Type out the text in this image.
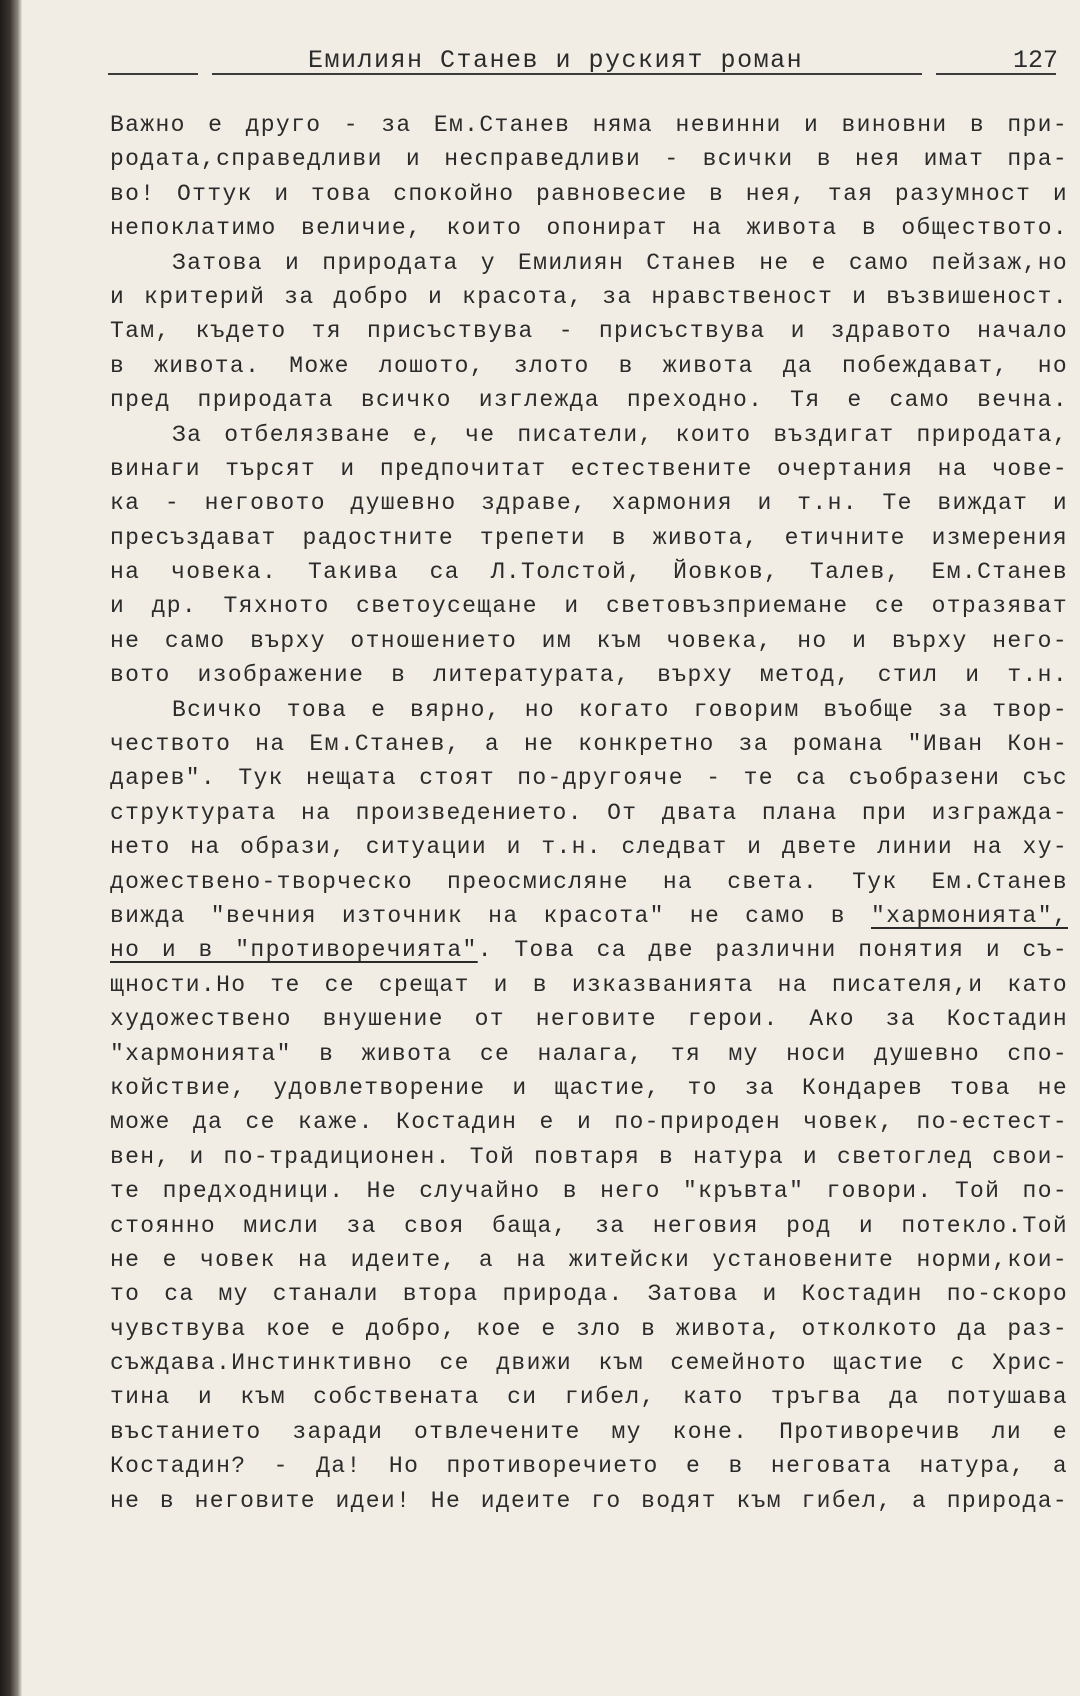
Емилиян Станев и руският роман	127
Важно е друго - за Ем.Станев няма невинни и виновни в при-
родата,справедливи и несправедливи - всички в нея имат пра-
во! Оттук и това спокойно равновесие в нея, тая разумност и
непоклатимо величие, които опонират на живота в обществото.
Затова и природата у Емилиян Станев не е само пейзаж,но
и критерий за добро и красота, за нравственост и възвишеност.
Там, където тя присъствува - присъствува и здравото начало
в живота. Може лошото, злото в живота да побеждават, но
пред природата всичко изглежда преходно. Тя е само вечна.
За отбелязване е, че писатели, които въздигат природата,
винаги търсят и предпочитат естествените очертания на чове-
ка - неговото душевно здраве, хармония и т.н. Те виждат и
пресъздават радостните трепети в живота, етичните измерения
на човека. Такива са Л.Толстой, Йовков, Талев, Ем.Станев
и др. Тяхното светоусещане и световъзприемане се отразяват
не само върху отношението им към човека, но и върху него-
вото изображение в литературата, върху метод, стил и т.н.
Всичко това е вярно, но когато говорим въобще за твор-
чеството на Ем.Станев, а не конкретно за романа "Иван Кон-
дарев". Тук нещата стоят по-другояче - те са съобразени със
структурата на произведението. От двата плана при изгражда-
нето на образи, ситуации и т.н. следват и двете линии на ху-
дожествено-творческо преосмисляне на света. Тук Ем.Станев
вижда "вечния източник на красота" не само в "хармонията",
но и в "противоречията". Това са две различни понятия и съ-
щности.Но те се срещат и в изказванията на писателя,и като
художествено внушение от неговите герои. Ако за Костадин
"хармонията" в живота се налага, тя му носи душевно спо-
койствие, удовлетворение и щастие, то за Кондарев това не
може да се каже. Костадин е и по-природен човек, по-естест-
вен, и по-традиционен. Той повтаря в натура и светоглед свои-
те предходници. Не случайно в него "кръвта" говори. Той по-
стоянно мисли за своя баща, за неговия род и потекло.Той
не е човек на идеите, а на житейски установените норми,кои-
то са му станали втора природа. Затова и Костадин по-скоро
чувствува кое е добро, кое е зло в живота, отколкото да раз-
съждава.Инстинктивно се движи към семейното щастие с Хрис-
тина и към собствената си гибел, като тръгва да потушава
въстанието заради отвлечените му коне. Противоречив ли е
Костадин? - Да! Но противоречието е в неговата натура, а
не в неговите идеи! Не идеите го водят към гибел, а природа-
